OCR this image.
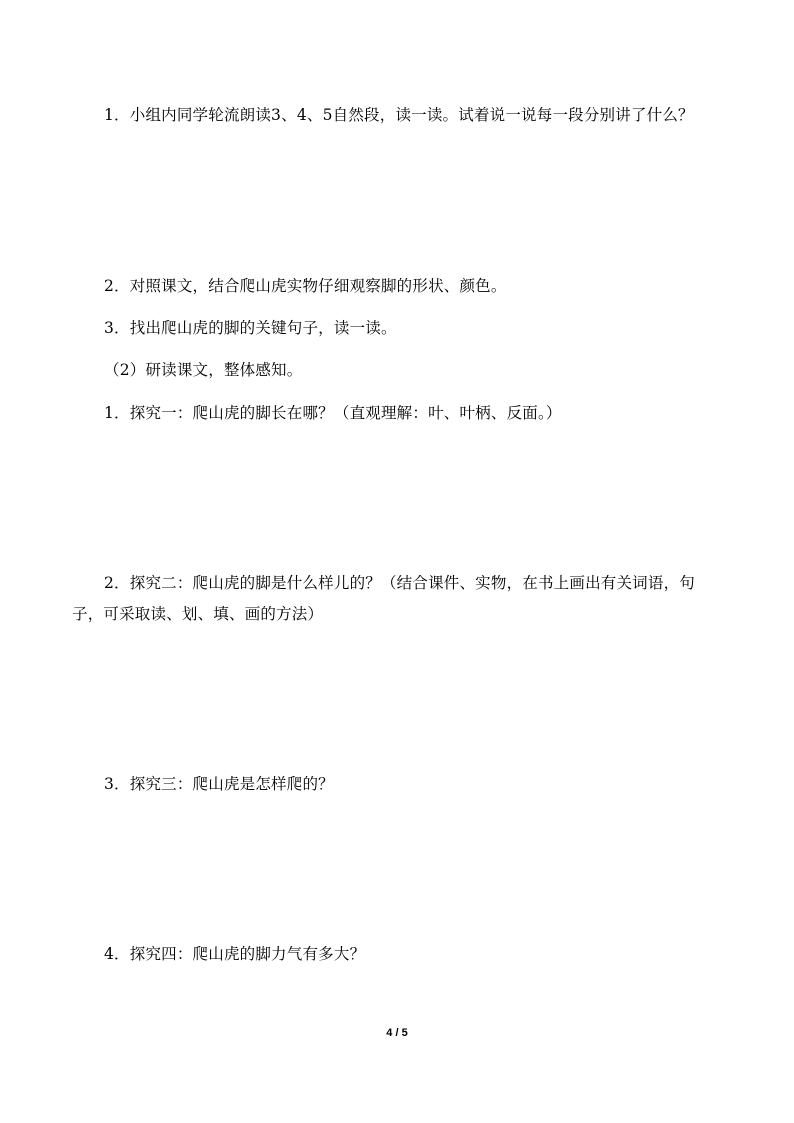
1．小组内同学轮流朗读3、4、5自然段，读一读。试着说一说每一段分别讲了什么？

2．对照课文，结合爬山虎实物仔细观察脚的形状、颜色。

3．找出爬山虎的脚的关键句子，读一读。

（2）研读课文，整体感知。

1．探究一：爬山虎的脚长在哪？（直观理解：叶、叶柄、反面。）

2．探究二：爬山虎的脚是什么样儿的？（结合课件、实物，在书上画出有关词语，句

子，可采取读、划、填、画的方法）

3．探究三：爬山虎是怎样爬的？

4．探究四：爬山虎的脚力气有多大？

4 / 5
